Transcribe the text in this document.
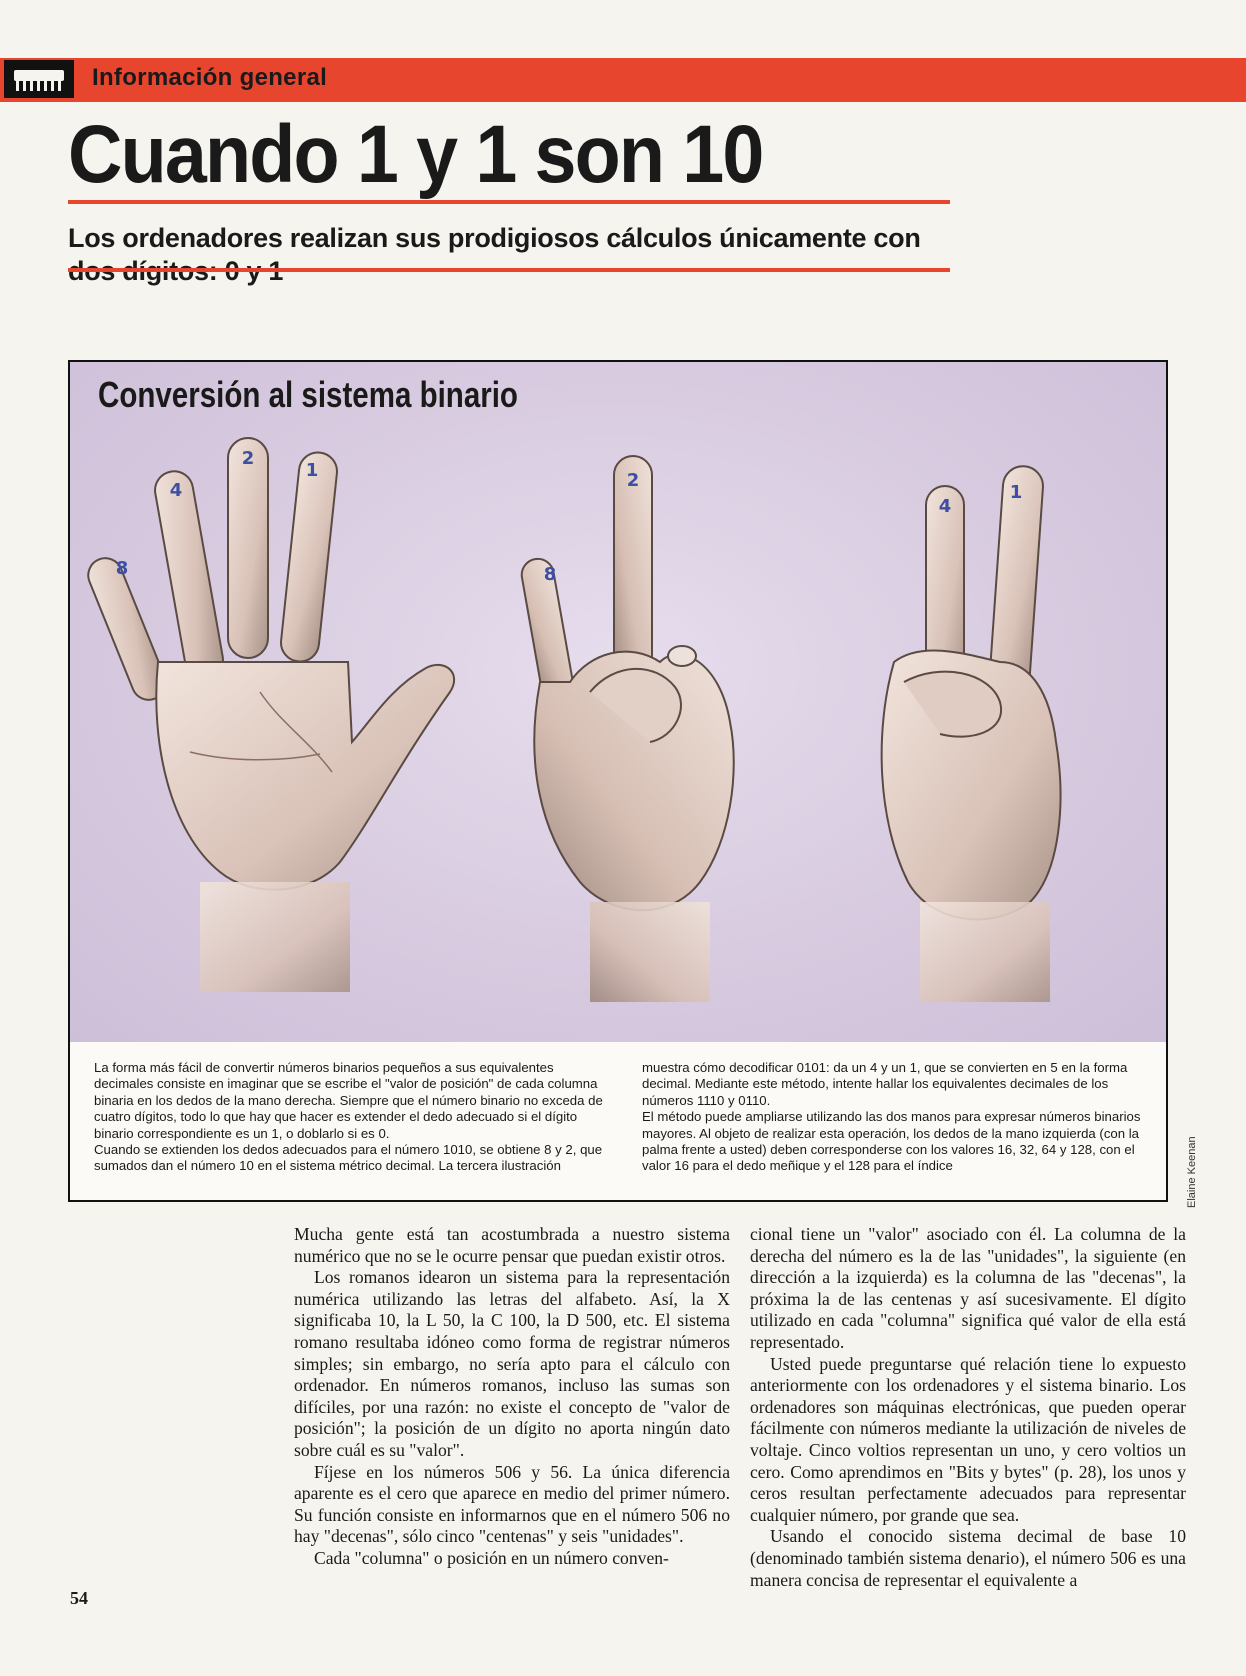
Información general
Cuando 1 y 1 son 10
Los ordenadores realizan sus prodigiosos cálculos únicamente con
8
4
2
1
8
2
4
1
Conversión al sistema binario

La forma más fácil de convertir números binarios pequeños a sus equivalentes decimales consiste en imaginar que se escribe el "valor de posición" de cada columna binaria en los dedos de la mano derecha. Siempre que el número binario no exceda de cuatro dígitos, todo lo que hay que hacer es extender el dedo adecuado si el dígito binario correspondiente es un 1, o doblarlo si es 0.

Cuando se extienden los dedos adecuados para el número 1010, se obtiene 8 y 2, que sumados dan el número 10 en el sistema métrico decimal. La tercera ilustración

muestra cómo decodificar 0101: da un 4 y un 1, que se convierten en 5 en la forma decimal. Mediante este método, intente hallar los equivalentes decimales de los números 1110 y 0110.

El método puede ampliarse utilizando las dos manos para expresar números binarios mayores. Al objeto de realizar esta operación, los dedos de la mano izquierda (con la palma frente a usted) deben corresponderse con los valores 16, 32, 64 y 128, con el valor 16 para el dedo meñique y el 128 para el índice	Elaine Keenan

Mucha gente está tan acostumbrada a nuestro sistema numérico que no se le ocurre pensar que puedan existir otros.

Los romanos idearon un sistema para la representación numérica utilizando las letras del alfabeto. Así, la X significaba 10, la L 50, la C 100, la D 500, etc. El sistema romano resultaba idóneo como forma de registrar números simples; sin embargo, no sería apto para el cálculo con ordenador. En números romanos, incluso las sumas son difíciles, por una razón: no existe el concepto de "valor de posición"; la posición de un dígito no aporta ningún dato sobre cuál es su "valor".

Fíjese en los números 506 y 56. La única diferencia aparente es el cero que aparece en medio del primer número. Su función consiste en informarnos que en el número 506 no hay "decenas", sólo cinco "centenas" y seis "unidades".

Cada "columna" o posición en un número conven-

cional tiene un "valor" asociado con él. La columna de la derecha del número es la de las "unidades", la siguiente (en dirección a la izquierda) es la columna de las "decenas", la próxima la de las centenas y así sucesivamente. El dígito utilizado en cada "columna" significa qué valor de ella está representado.

Usted puede preguntarse qué relación tiene lo expuesto anteriormente con los ordenadores y el sistema binario. Los ordenadores son máquinas electrónicas, que pueden operar fácilmente con números mediante la utilización de niveles de voltaje. Cinco voltios representan un uno, y cero voltios un cero. Como aprendimos en "Bits y bytes" (p. 28), los unos y ceros resultan perfectamente adecuados para representar cualquier número, por grande que sea.

Usando el conocido sistema decimal de base 10 (denominado también sistema denario), el número 506 es una manera concisa de representar el equivalente a

54
